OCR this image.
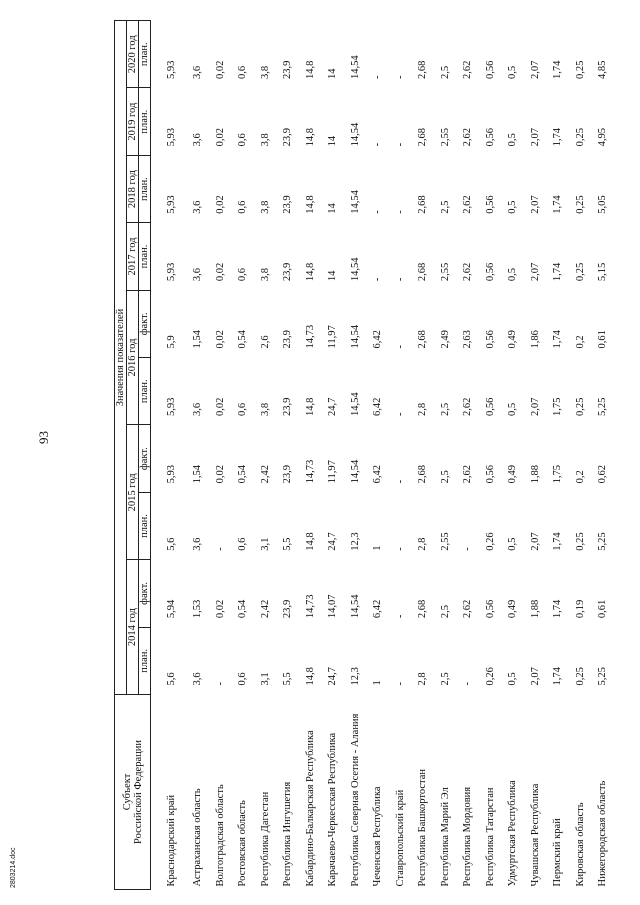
93
2803214.doc
Субъект
Российской Федерации	Значения показателей									
	2014 год		2015 год		2016 год		2017 год	2018 год	2019 год	2020 год
	план.	факт.	план.	факт.	план.	факт.	план.	план.	план.	план.
Краснодарский край	5,6	5,94	5,6	5,93	5,93	5,9	5,93	5,93	5,93	5,93
Астраханская область	3,6	1,53	3,6	1,54	3,6	1,54	3,6	3,6	3,6	3,6
Волгоградская область	-	0,02	-	0,02	0,02	0,02	0,02	0,02	0,02	0,02
Ростовская область	0,6	0,54	0,6	0,54	0,6	0,54	0,6	0,6	0,6	0,6
Республика Дагестан	3,1	2,42	3,1	2,42	3,8	2,6	3,8	3,8	3,8	3,8
Республика Ингушетия	5,5	23,9	5,5	23,9	23,9	23,9	23,9	23,9	23,9	23,9
Кабардино-Балкарская Республика	14,8	14,73	14,8	14,73	14,8	14,73	14,8	14,8	14,8	14,8
Карачаево-Черкесская Республика	24,7	14,07	24,7	11,97	24,7	11,97	14	14	14	14
Республика Северная Осетия - Алания	12,3	14,54	12,3	14,54	14,54	14,54	14,54	14,54	14,54	14,54
Чеченская Республика	1	6,42	1	6,42	6,42	6,42	-	-	-	-
Ставропольский край	-	-	-	-	-	-	-	-	-	-
Республика Башкортостан	2,8	2,68	2,8	2,68	2,8	2,68	2,68	2,68	2,68	2,68
Республика Марий Эл	2,5	2,5	2,55	2,5	2,5	2,49	2,55	2,5	2,55	2,5
Республика Мордовия	-	2,62	-	2,62	2,62	2,63	2,62	2,62	2,62	2,62
Республика Татарстан	0,26	0,56	0,26	0,56	0,56	0,56	0,56	0,56	0,56	0,56
Удмуртская Республика	0,5	0,49	0,5	0,49	0,5	0,49	0,5	0,5	0,5	0,5
Чувашская Республика	2,07	1,88	2,07	1,88	2,07	1,86	2,07	2,07	2,07	2,07
Пермский край	1,74	1,74	1,74	1,75	1,75	1,74	1,74	1,74	1,74	1,74
Кировская область	0,25	0,19	0,25	0,2	0,25	0,2	0,25	0,25	0,25	0,25
Нижегородская область	5,25	0,61	5,25	0,62	5,25	0,61	5,15	5,05	4,95	4,85
